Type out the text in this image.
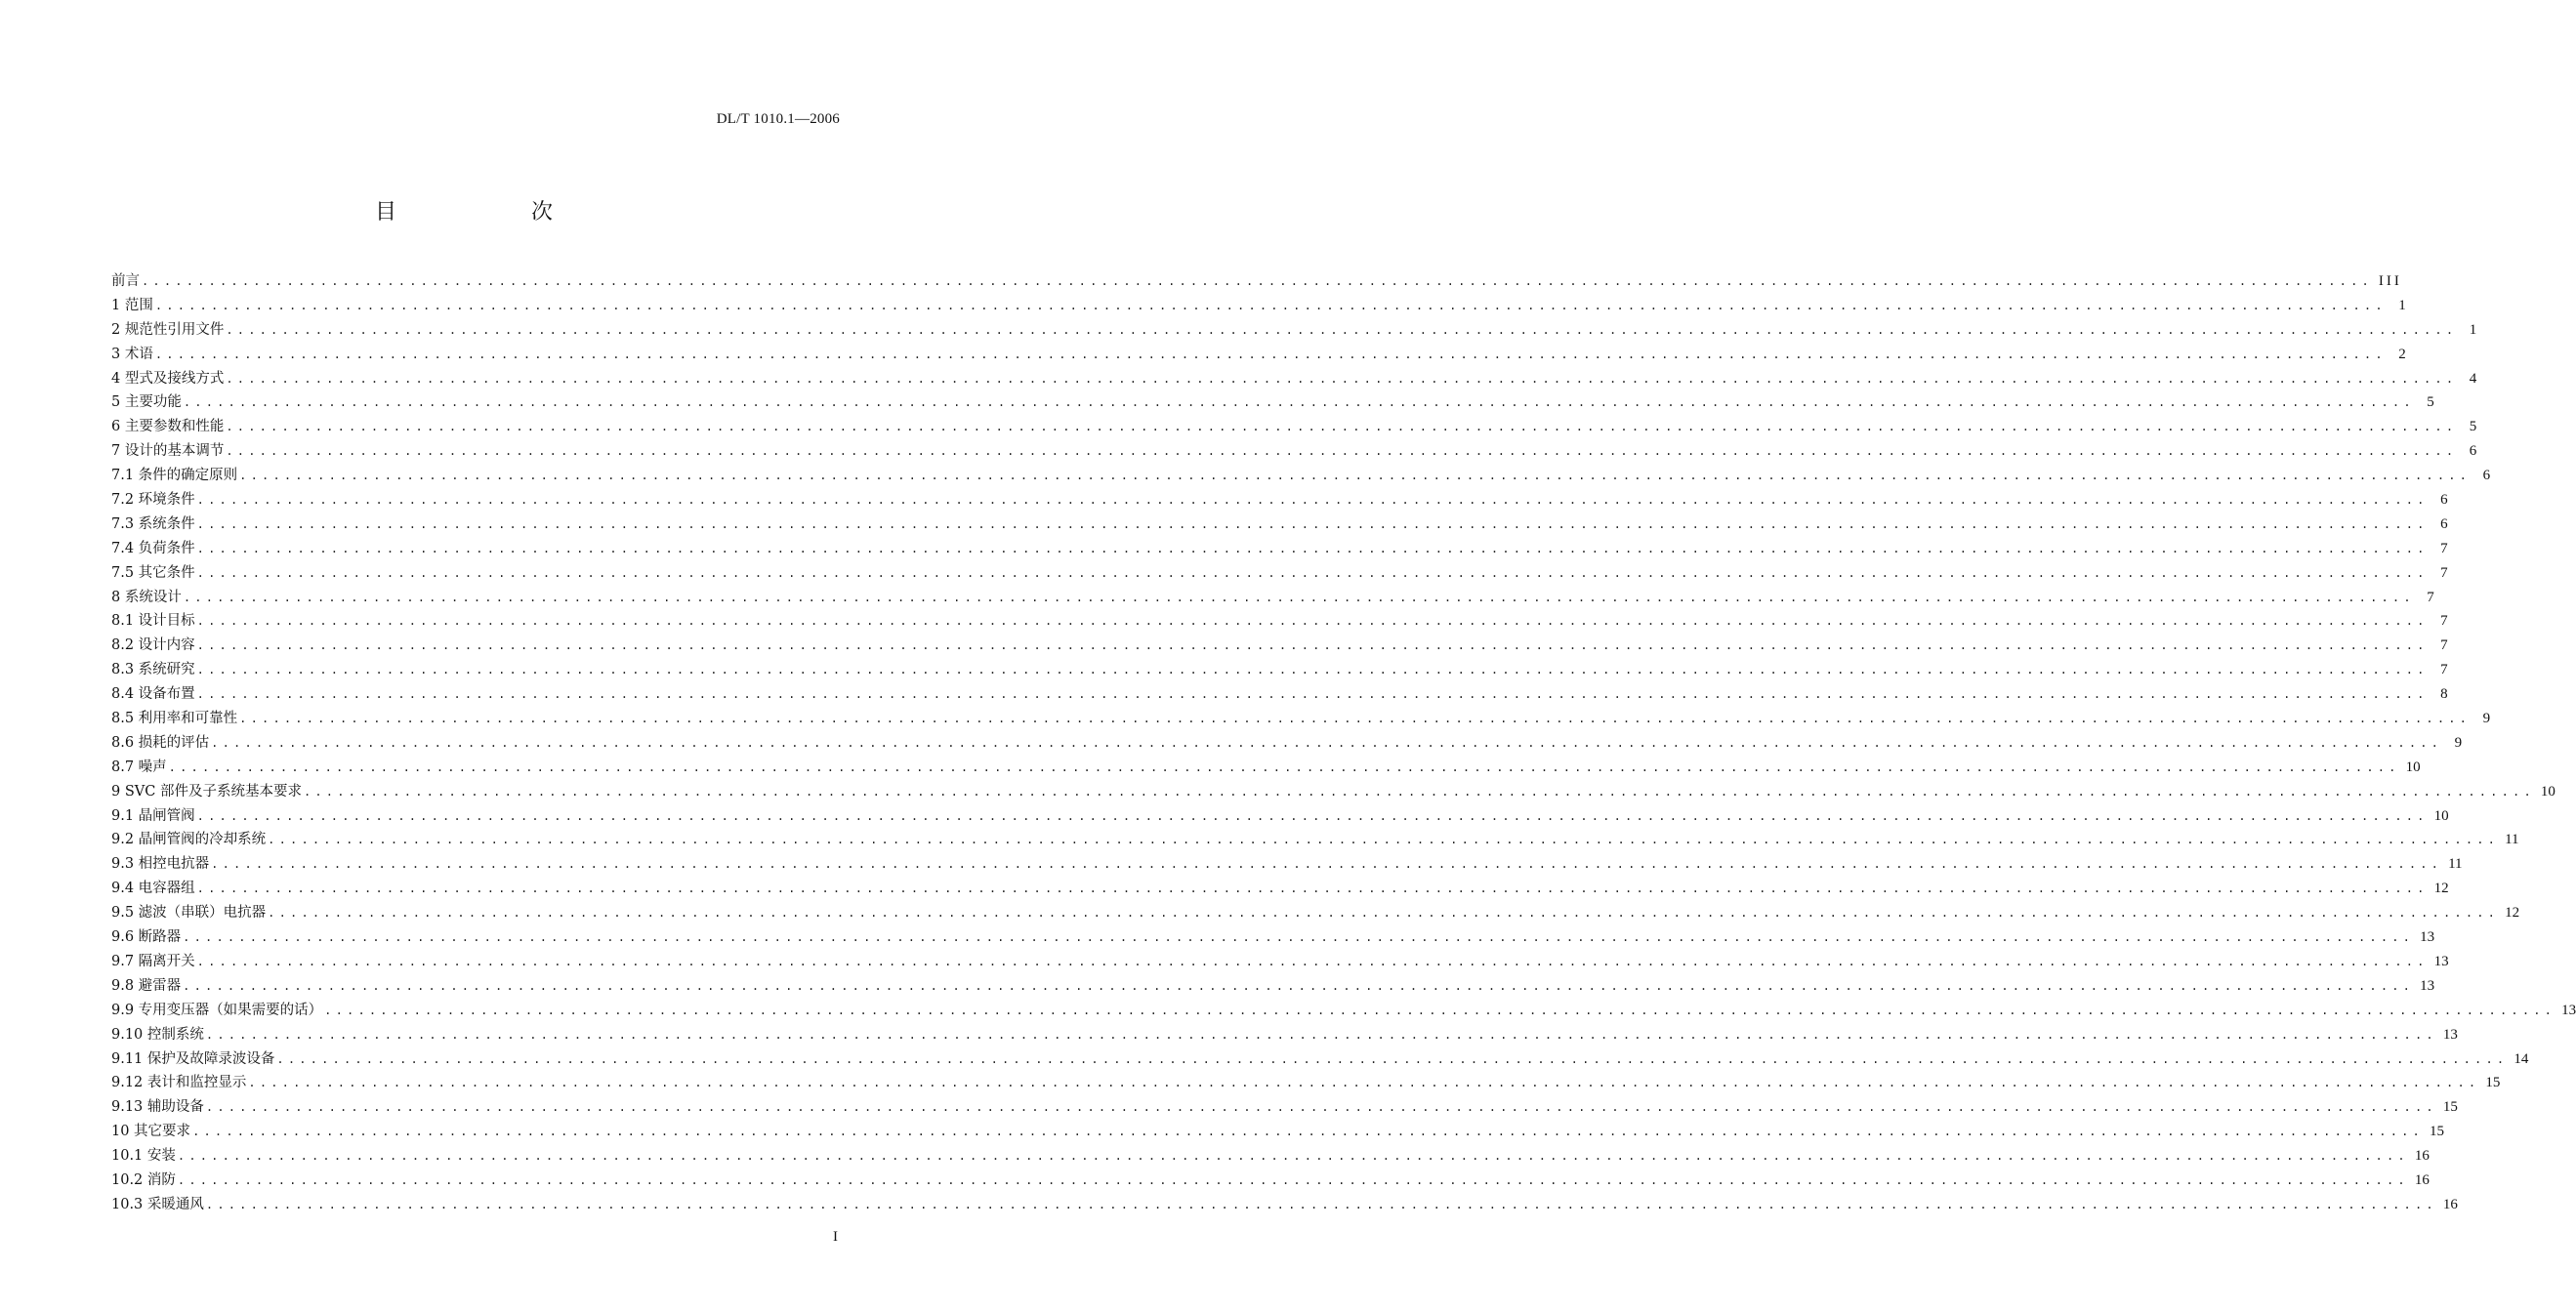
DL/T 1010.1—2006
目　次
前言 ........................................................................................................................................................................................................ III
1 范围 ........................................................................................................................................................................................................ 1
2 规范性引用文件 ........................................................................................................................................................................................................ 1
3 术语 ........................................................................................................................................................................................................ 2
4 型式及接线方式 ........................................................................................................................................................................................................ 4
5 主要功能 ........................................................................................................................................................................................................ 5
6 主要参数和性能 ........................................................................................................................................................................................................ 5
7 设计的基本调节 ........................................................................................................................................................................................................ 6
7.1 条件的确定原则 ........................................................................................................................................................................................................ 6
7.2 环境条件 ........................................................................................................................................................................................................ 6
7.3 系统条件 ........................................................................................................................................................................................................ 6
7.4 负荷条件 ........................................................................................................................................................................................................ 7
7.5 其它条件 ........................................................................................................................................................................................................ 7
8 系统设计 ........................................................................................................................................................................................................ 7
8.1 设计目标 ........................................................................................................................................................................................................ 7
8.2 设计内容 ........................................................................................................................................................................................................ 7
8.3 系统研究 ........................................................................................................................................................................................................ 7
8.4 设备布置 ........................................................................................................................................................................................................ 8
8.5 利用率和可靠性 ........................................................................................................................................................................................................ 9
8.6 损耗的评估 ........................................................................................................................................................................................................ 9
8.7 噪声 ........................................................................................................................................................................................................ 10
9 SVC 部件及子系统基本要求 ........................................................................................................................................................................................................ 10
9.1 晶闸管阀 ........................................................................................................................................................................................................ 10
9.2 晶闸管阀的冷却系统 ........................................................................................................................................................................................................ 11
9.3 相控电抗器 ........................................................................................................................................................................................................ 11
9.4 电容器组 ........................................................................................................................................................................................................ 12
9.5 滤波（串联）电抗器 ........................................................................................................................................................................................................ 12
9.6 断路器 ........................................................................................................................................................................................................ 13
9.7 隔离开关 ........................................................................................................................................................................................................ 13
9.8 避雷器 ........................................................................................................................................................................................................ 13
9.9 专用变压器（如果需要的话） ........................................................................................................................................................................................................ 13
9.10 控制系统 ........................................................................................................................................................................................................ 13
9.11 保护及故障录波设备 ........................................................................................................................................................................................................ 14
9.12 表计和监控显示 ........................................................................................................................................................................................................ 15
9.13 辅助设备 ........................................................................................................................................................................................................ 15
10 其它要求 ........................................................................................................................................................................................................ 15
10.1 安装 ........................................................................................................................................................................................................ 16
10.2 消防 ........................................................................................................................................................................................................ 16
10.3 采暖通风 ........................................................................................................................................................................................................ 16
I
